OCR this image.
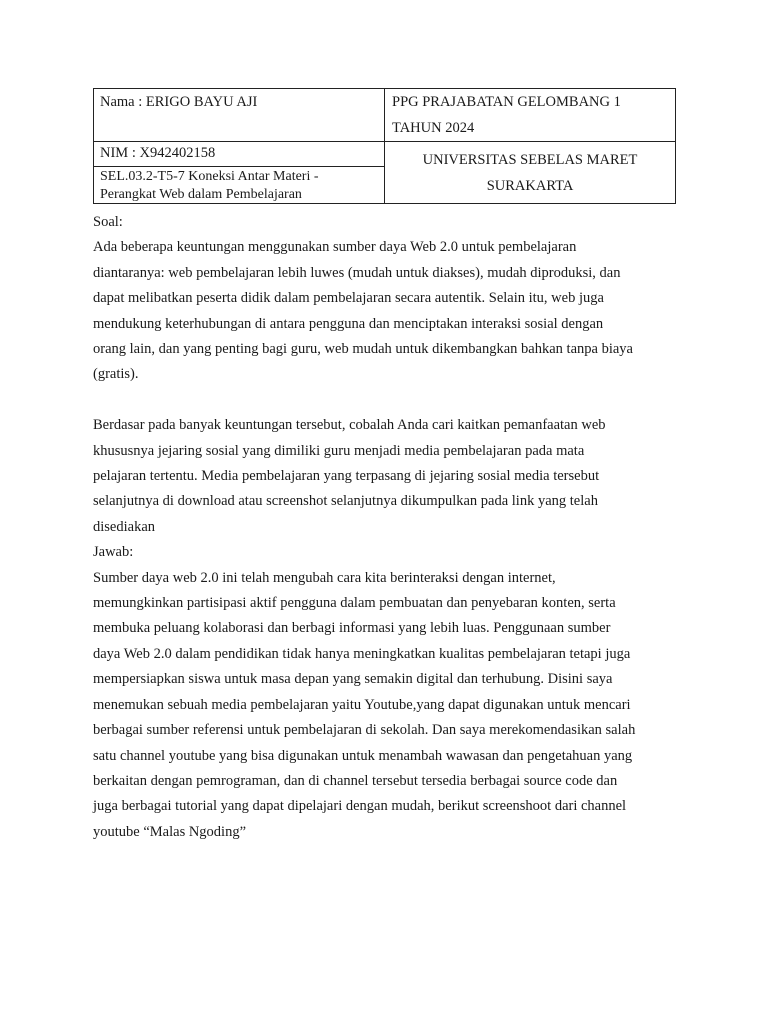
Nama : ERIGO BAYU AJI	PPG PRAJABATAN GELOMBANG 1
TAHUN 2024

NIM : X942402158	UNIVERSITAS SEBELAS MARET
SURAKARTA

SEL.03.2-T5-7 Koneksi Antar Materi -
Perangkat Web dalam Pembelajaran	

Soal:

Ada beberapa keuntungan menggunakan sumber daya Web 2.0 untuk pembelajaran
diantaranya: web pembelajaran lebih luwes (mudah untuk diakses), mudah diproduksi, dan
dapat melibatkan peserta didik dalam pembelajaran secara autentik. Selain itu, web juga
mendukung keterhubungan di antara pengguna dan menciptakan interaksi sosial dengan
orang lain, dan yang penting bagi guru, web mudah untuk dikembangkan bahkan tanpa biaya
(gratis).
Berdasar pada banyak keuntungan tersebut, cobalah Anda cari kaitkan pemanfaatan web
khususnya jejaring sosial yang dimiliki guru menjadi media pembelajaran pada mata
pelajaran tertentu. Media pembelajaran yang terpasang di jejaring sosial media tersebut
selanjutnya di download atau screenshot selanjutnya dikumpulkan pada link yang telah
disediakan

Jawab:

Sumber daya web 2.0 ini telah mengubah cara kita berinteraksi dengan internet,
memungkinkan partisipasi aktif pengguna dalam pembuatan dan penyebaran konten, serta
membuka peluang kolaborasi dan berbagi informasi yang lebih luas. Penggunaan sumber
daya Web 2.0 dalam pendidikan tidak hanya meningkatkan kualitas pembelajaran tetapi juga
mempersiapkan siswa untuk masa depan yang semakin digital dan terhubung. Disini saya
menemukan sebuah media pembelajaran yaitu Youtube,yang dapat digunakan untuk mencari
berbagai sumber referensi untuk pembelajaran di sekolah. Dan saya merekomendasikan salah
satu channel youtube yang bisa digunakan untuk menambah wawasan dan pengetahuan yang
berkaitan dengan pemrograman, dan di channel tersebut tersedia berbagai source code dan
juga berbagai tutorial yang dapat dipelajari dengan mudah, berikut screenshoot dari channel
youtube “Malas Ngoding”
